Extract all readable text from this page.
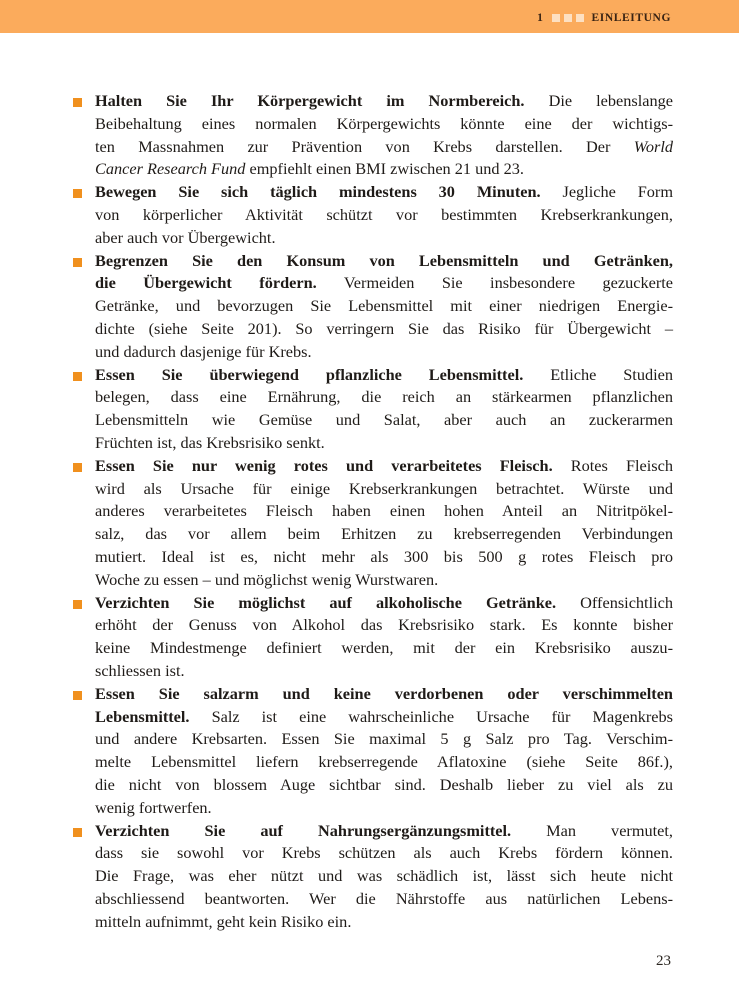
1	EINLEITUNG
Halten Sie Ihr Körpergewicht im Normbereich. Die lebenslange
Beibehaltung eines normalen Körpergewichts könnte eine der wichtigs-
ten Massnahmen zur Prävention von Krebs darstellen. Der World
Cancer Research Fund empfiehlt einen BMI zwischen 21 und 23.
Bewegen Sie sich täglich mindestens 30 Minuten. Jegliche Form
von körperlicher Aktivität schützt vor bestimmten Krebserkrankungen,
aber auch vor Übergewicht.
Begrenzen Sie den Konsum von Lebensmitteln und Getränken,
die Übergewicht fördern. Vermeiden Sie insbesondere gezuckerte
Getränke, und bevorzugen Sie Lebensmittel mit einer niedrigen Energie-
dichte (siehe Seite 201). So verringern Sie das Risiko für Übergewicht –
und dadurch dasjenige für Krebs.
Essen Sie überwiegend pflanzliche Lebensmittel. Etliche Studien
belegen, dass eine Ernährung, die reich an stärkearmen pflanzlichen
Lebensmitteln wie Gemüse und Salat, aber auch an zuckerarmen
Früchten ist, das Krebsrisiko senkt.
Essen Sie nur wenig rotes und verarbeitetes Fleisch. Rotes Fleisch
wird als Ursache für einige Krebserkrankungen betrachtet. Würste und
anderes verarbeitetes Fleisch haben einen hohen Anteil an Nitritpökel-
salz, das vor allem beim Erhitzen zu krebserregenden Verbindungen
mutiert. Ideal ist es, nicht mehr als 300 bis 500 g rotes Fleisch pro
Woche zu essen – und möglichst wenig Wurstwaren.
Verzichten Sie möglichst auf alkoholische Getränke. Offensichtlich
erhöht der Genuss von Alkohol das Krebsrisiko stark. Es konnte bisher
keine Mindestmenge definiert werden, mit der ein Krebsrisiko auszu-
schliessen ist.
Essen Sie salzarm und keine verdorbenen oder verschimmelten
Lebensmittel. Salz ist eine wahrscheinliche Ursache für Magenkrebs
und andere Krebsarten. Essen Sie maximal 5 g Salz pro Tag. Verschim-
melte Lebensmittel liefern krebserregende Aflatoxine (siehe Seite 86f.),
die nicht von blossem Auge sichtbar sind. Deshalb lieber zu viel als zu
wenig fortwerfen.
Verzichten Sie auf Nahrungsergänzungsmittel. Man vermutet,
dass sie sowohl vor Krebs schützen als auch Krebs fördern können.
Die Frage, was eher nützt und was schädlich ist, lässt sich heute nicht
abschliessend beantworten. Wer die Nährstoffe aus natürlichen Lebens-
mitteln aufnimmt, geht kein Risiko ein.
23
